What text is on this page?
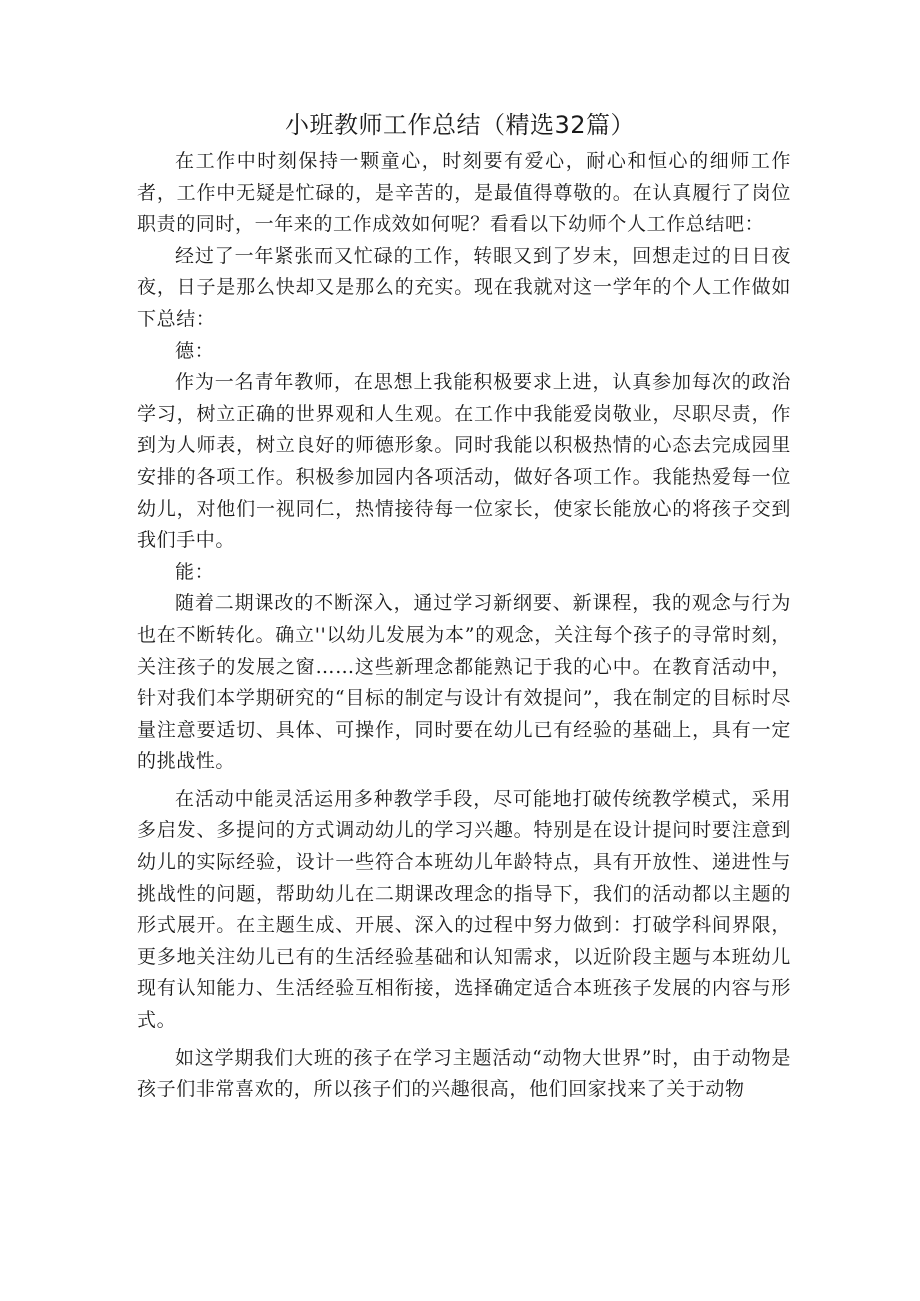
小班教师工作总结（精选32篇）

在工作中时刻保持一颗童心，时刻要有爱心，耐心和恒心的细师工作者，工作中无疑是忙碌的，是辛苦的，是最值得尊敬的。在认真履行了岗位职责的同时，一年来的工作成效如何呢？看看以下幼师个人工作总结吧：

经过了一年紧张而又忙碌的工作，转眼又到了岁末，回想走过的日日夜夜，日子是那么快却又是那么的充实。现在我就对这一学年的个人工作做如下总结：

德：

作为一名青年教师，在思想上我能积极要求上进，认真参加每次的政治学习，树立正确的世界观和人生观。在工作中我能爱岗敬业，尽职尽责，作到为人师表，树立良好的师德形象。同时我能以积极热情的心态去完成园里安排的各项工作。积极参加园内各项活动，做好各项工作。我能热爱每一位幼儿，对他们一视同仁，热情接待每一位家长，使家长能放心的将孩子交到我们手中。

能：

随着二期课改的不断深入，通过学习新纲要、新课程，我的观念与行为也在不断转化。确立''以幼儿发展为本”的观念，关注每个孩子的寻常时刻，关注孩子的发展之窗……这些新理念都能熟记于我的心中。在教育活动中，针对我们本学期研究的“目标的制定与设计有效提问”，我在制定的目标时尽量注意要适切、具体、可操作，同时要在幼儿已有经验的基础上，具有一定的挑战性。

在活动中能灵活运用多种教学手段，尽可能地打破传统教学模式，采用多启发、多提问的方式调动幼儿的学习兴趣。特别是在设计提问时要注意到幼儿的实际经验，设计一些符合本班幼儿年龄特点，具有开放性、递进性与挑战性的问题，帮助幼儿在二期课改理念的指导下，我们的活动都以主题的形式展开。在主题生成、开展、深入的过程中努力做到：打破学科间界限，更多地关注幼儿已有的生活经验基础和认知需求，以近阶段主题与本班幼儿现有认知能力、生活经验互相衔接，选择确定适合本班孩子发展的内容与形式。

如这学期我们大班的孩子在学习主题活动“动物大世界”时，由于动物是孩子们非常喜欢的，所以孩子们的兴趣很高，他们回家找来了关于动物
